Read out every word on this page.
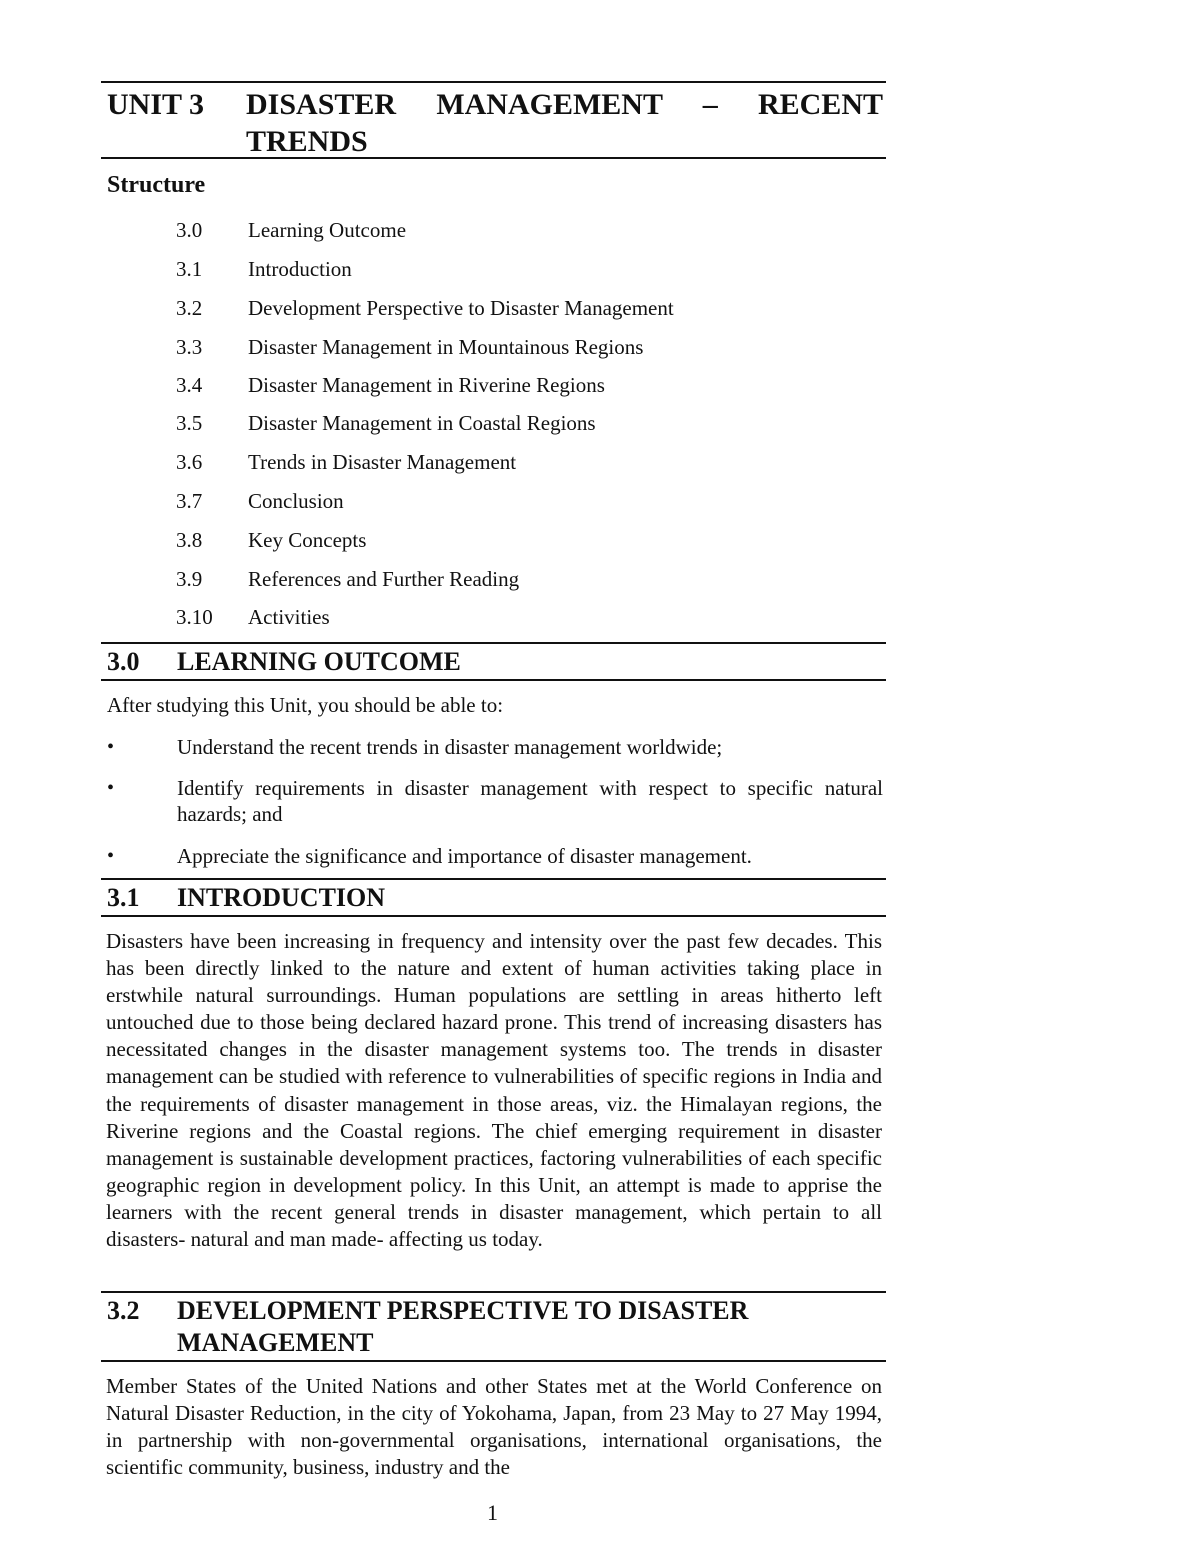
UNIT 3 DISASTER MANAGEMENT – RECENT
TRENDS
Structure
3.0 Learning Outcome
3.1 Introduction
3.2 Development Perspective to Disaster Management
3.3 Disaster Management in Mountainous Regions
3.4 Disaster Management in Riverine Regions
3.5 Disaster Management in Coastal Regions
3.6 Trends in Disaster Management
3.7 Conclusion
3.8 Key Concepts
3.9 References and Further Reading
3.10 Activities
3.0 LEARNING OUTCOME
After studying this Unit, you should be able to:
•	Understand the recent trends in disaster management worldwide;
•	Identify requirements in disaster management with respect to specific natural hazards; and
•	Appreciate the significance and importance of disaster management.
3.1 INTRODUCTION

Disasters have been increasing in frequency and intensity over the past few decades. This has been directly linked to the nature and extent of human activities taking place in erstwhile natural surroundings. Human populations are settling in areas hitherto left untouched due to those being declared hazard prone. This trend of increasing disasters has necessitated changes in the disaster management systems too. The trends in disaster management can be studied with reference to vulnerabilities of specific regions in India and the requirements of disaster management in those areas, viz. the Himalayan regions, the Riverine regions and the Coastal regions. The chief emerging requirement in disaster management is sustainable development practices, factoring vulnerabilities of each specific geographic region in development policy. In this Unit, an attempt is made to apprise the learners with the recent general trends in disaster management, which pertain to all disasters- natural and man made- affecting us today.

3.2 DEVELOPMENT PERSPECTIVE TO DISASTER
MANAGEMENT

Member States of the United Nations and other States met at the World Conference on Natural Disaster Reduction, in the city of Yokohama, Japan, from 23 May to 27 May 1994, in partnership with non-governmental organisations, international organisations, the scientific community, business, industry and the

1
